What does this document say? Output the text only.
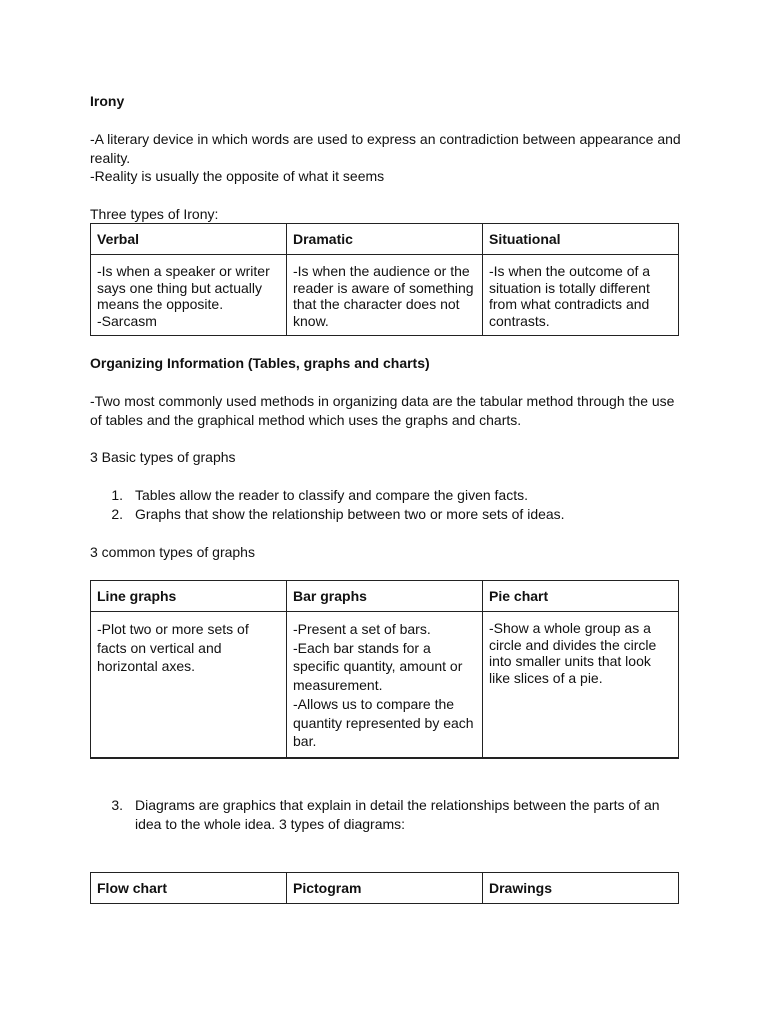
Irony

-A literary device in which words are used to express an contradiction between appearance and reality.

-Reality is usually the opposite of what it seems

Three types of Irony:

Verbal	Dramatic	Situational

-Is when a speaker or writer says one thing but actually means the opposite.
-Sarcasm	-Is when the audience or the reader is aware of something that the character does not know.	-Is when the outcome of a situation is totally different from what contradicts and contrasts.

Organizing Information (Tables, graphs and charts)

-Two most commonly used methods in organizing data are the tabular method through the use of tables and the graphical method which uses the graphs and charts.

3 Basic types of graphs

1. Tables allow the reader to classify and compare the given facts.
2. Graphs that show the relationship between two or more sets of ideas.

3 common types of graphs

Line graphs	Bar graphs	Pie chart
-Plot two or more sets of facts on vertical and horizontal axes.	-Present a set of bars.
-Each bar stands for a specific quantity, amount or measurement.
-Allows us to compare the quantity represented by each bar.	-Show a whole group as a circle and divides the circle into smaller units that look like slices of a pie.
3. Diagrams are graphics that explain in detail the relationships between the parts of an idea to the whole idea. 3 types of diagrams:
Flow chart	Pictogram	Drawings
